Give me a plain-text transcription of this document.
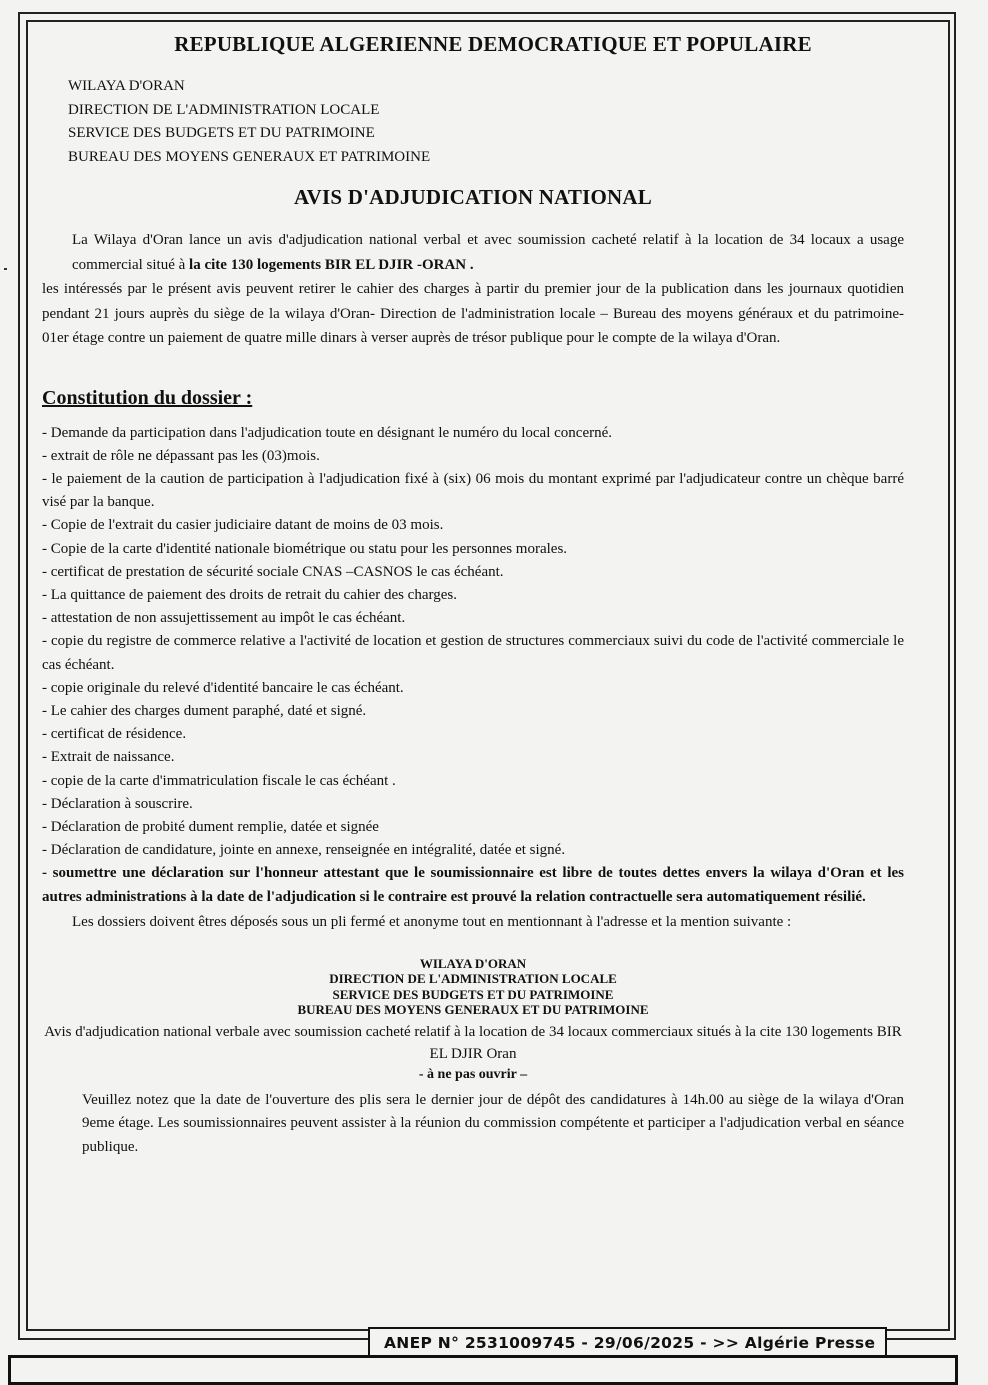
REPUBLIQUE ALGERIENNE DEMOCRATIQUE ET POPULAIRE
WILAYA D'ORAN
DIRECTION DE L'ADMINISTRATION LOCALE
SERVICE DES BUDGETS ET DU PATRIMOINE
BUREAU DES MOYENS GENERAUX ET PATRIMOINE
AVIS D'ADJUDICATION NATIONAL
La Wilaya d'Oran lance un avis d'adjudication national verbal et avec soumission cacheté relatif à la location de 34 locaux a usage commercial situé à la cite 130 logements BIR EL DJIR -ORAN .
les intéressés par le présent avis peuvent retirer le cahier des charges à partir du premier jour de la publication dans les journaux quotidien pendant 21 jours auprès du siège de la wilaya d'Oran- Direction de l'administration locale – Bureau des moyens généraux et du patrimoine- 01er étage contre un paiement de quatre mille dinars à verser auprès de trésor publique pour le compte de la wilaya d'Oran.
Constitution du dossier :
- Demande da participation dans l'adjudication toute en désignant le numéro du local concerné.
- extrait de rôle ne dépassant pas les (03)mois.
- le paiement de la caution de participation à l'adjudication fixé à (six) 06 mois du montant exprimé par l'adjudicateur contre un chèque barré visé par la banque.
- Copie de l'extrait du casier judiciaire datant de moins de 03 mois.
- Copie de la carte d'identité nationale biométrique ou statu pour les personnes morales.
- certificat de prestation de sécurité sociale CNAS –CASNOS le cas échéant.
- La quittance de paiement des droits de retrait du cahier des charges.
- attestation de non assujettissement au impôt le cas échéant.
- copie du registre de commerce relative a l'activité de location et gestion de structures commerciaux suivi du code de l'activité commerciale le cas échéant.
- copie originale du relevé d'identité bancaire le cas échéant.
- Le cahier des charges dument paraphé, daté et signé.
- certificat de résidence.
- Extrait de naissance.
- copie de la carte d'immatriculation fiscale le cas échéant .
- Déclaration à souscrire.
- Déclaration de probité dument remplie, datée et signée
- Déclaration de candidature, jointe en annexe, renseignée en intégralité, datée et signé.
- soumettre une déclaration sur l'honneur attestant que le soumissionnaire est libre de toutes dettes envers la wilaya d'Oran et les autres administrations à la date de l'adjudication si le contraire est prouvé la relation contractuelle sera automatiquement résilié.
Les dossiers doivent êtres déposés sous un pli fermé et anonyme tout en mentionnant à l'adresse et la mention suivante :
WILAYA D'ORAN
DIRECTION DE L'ADMINISTRATION LOCALE
SERVICE DES BUDGETS ET DU PATRIMOINE
BUREAU DES MOYENS GENERAUX ET DU PATRIMOINE
Avis d'adjudication national verbale avec soumission cacheté relatif à la location de 34 locaux commerciaux situés à la cite 130 logements BIR EL DJIR Oran
- à ne pas ouvrir –
Veuillez notez que la date de l'ouverture des plis sera le dernier jour de dépôt des candidatures à 14h.00 au siège de la wilaya d'Oran 9eme étage. Les soumissionnaires peuvent assister à la réunion du commission compétente et participer a l'adjudication verbal en séance publique.
ANEP N° 2531009745 - 29/06/2025 - >> Algérie Presse
